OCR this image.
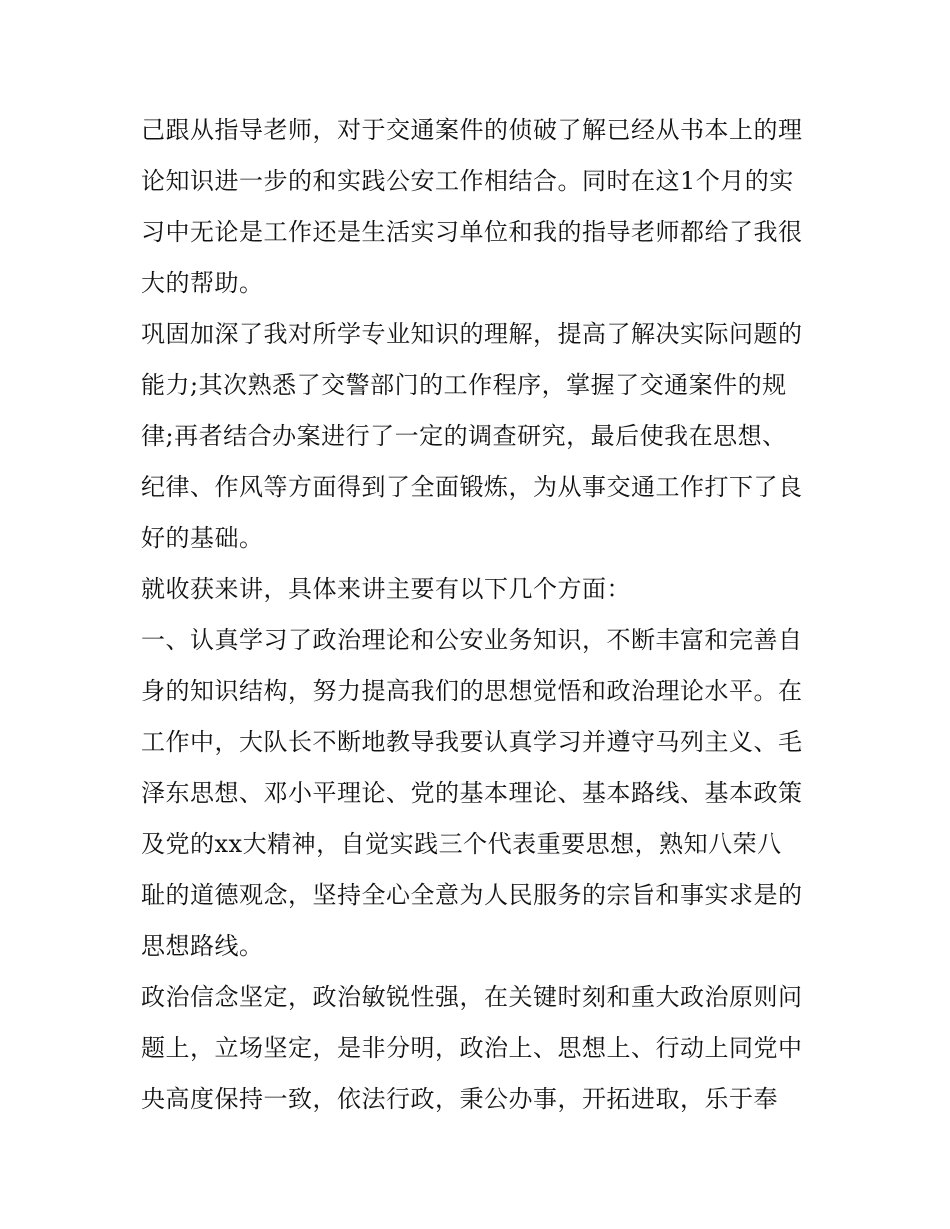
己跟从指导老师，对于交通案件的侦破了解已经从书本上的理
论知识进一步的和实践公安工作相结合。同时在这1个月的实
习中无论是工作还是生活实习单位和我的指导老师都给了我很
大的帮助。
巩固加深了我对所学专业知识的理解，提高了解决实际问题的
能力;其次熟悉了交警部门的工作程序，掌握了交通案件的规
律;再者结合办案进行了一定的调查研究，最后使我在思想、
纪律、作风等方面得到了全面锻炼，为从事交通工作打下了良
好的基础。
就收获来讲，具体来讲主要有以下几个方面：
一、认真学习了政治理论和公安业务知识，不断丰富和完善自
身的知识结构，努力提高我们的思想觉悟和政治理论水平。在
工作中，大队长不断地教导我要认真学习并遵守马列主义、毛
泽东思想、邓小平理论、党的基本理论、基本路线、基本政策
及党的xx大精神，自觉实践三个代表重要思想，熟知八荣八
耻的道德观念，坚持全心全意为人民服务的宗旨和事实求是的
思想路线。
政治信念坚定，政治敏锐性强，在关键时刻和重大政治原则问
题上，立场坚定，是非分明，政治上、思想上、行动上同党中
央高度保持一致，依法行政，秉公办事，开拓进取，乐于奉
